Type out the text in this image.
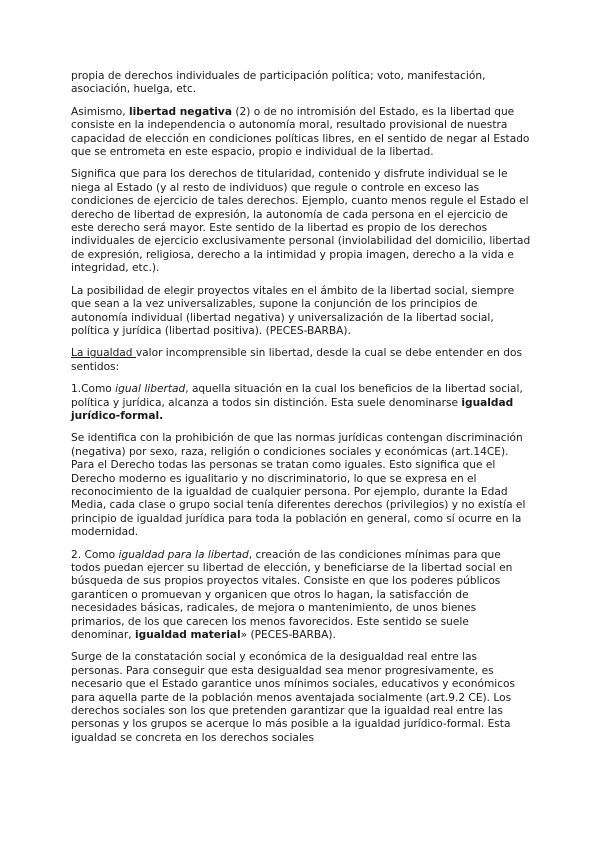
propia de derechos individuales de participación política; voto, manifestación, asociación, huelga, etc.

Asimismo, libertad negativa (2) o de no intromisión del Estado, es la libertad que consiste en la independencia o autonomía moral, resultado provisional de nuestra capacidad de elección en condiciones políticas libres, en el sentido de negar al Estado que se entrometa en este espacio, propio e individual de la libertad.

Significa que para los derechos de titularidad, contenido y disfrute individual se le niega al Estado (y al resto de individuos) que regule o controle en exceso las condiciones de ejercicio de tales derechos. Ejemplo, cuanto menos regule el Estado el derecho de libertad de expresión, la autonomía de cada persona en el ejercicio de este derecho será mayor. Este sentido de la libertad es propio de los derechos individuales de ejercicio exclusivamente personal (inviolabilidad del domicilio, libertad de expresión, religiosa, derecho a la intimidad y propia imagen, derecho a la vida e integridad, etc.).

La posibilidad de elegir proyectos vitales en el ámbito de la libertad social, siempre que sean a la vez universalizables, supone la conjunción de los principios de autonomía individual (libertad negativa) y universalización de la libertad social, política y jurídica (libertad positiva). (PECES-BARBA).

La igualdad valor incomprensible sin libertad, desde la cual se debe entender en dos sentidos:

1.Como igual libertad, aquella situación en la cual los beneficios de la libertad social, política y jurídica, alcanza a todos sin distinción. Esta suele denominarse igualdad jurídico-formal.

Se identifica con la prohibición de que las normas jurídicas contengan discriminación (negativa) por sexo, raza, religión o condiciones sociales y económicas (art.14CE). Para el Derecho todas las personas se tratan como iguales. Esto significa que el Derecho moderno es igualitario y no discriminatorio, lo que se expresa en el reconocimiento de la igualdad de cualquier persona. Por ejemplo, durante la Edad Media, cada clase o grupo social tenía diferentes derechos (privilegios) y no existía el principio de igualdad jurídica para toda la población en general, como sí ocurre en la modernidad.

2. Como igualdad para la libertad, creación de las condiciones mínimas para que todos puedan ejercer su libertad de elección, y beneficiarse de la libertad social en búsqueda de sus propios proyectos vitales. Consiste en que los poderes públicos garanticen o promuevan y organicen que otros lo hagan, la satisfacción de necesidades básicas, radicales, de mejora o mantenimiento, de unos bienes primarios, de los que carecen los menos favorecidos. Este sentido se suele denominar, igualdad material» (PECES-BARBA).

Surge de la constatación social y económica de la desigualdad real entre las personas. Para conseguir que esta desigualdad sea menor progresivamente, es necesario que el Estado garantice unos mínimos sociales, educativos y económicos para aquella parte de la población menos aventajada socialmente (art.9.2 CE). Los derechos sociales son los que pretenden garantizar que la igualdad real entre las personas y los grupos se acerque lo más posible a la igualdad jurídico-formal. Esta igualdad se concreta en los derechos sociales
